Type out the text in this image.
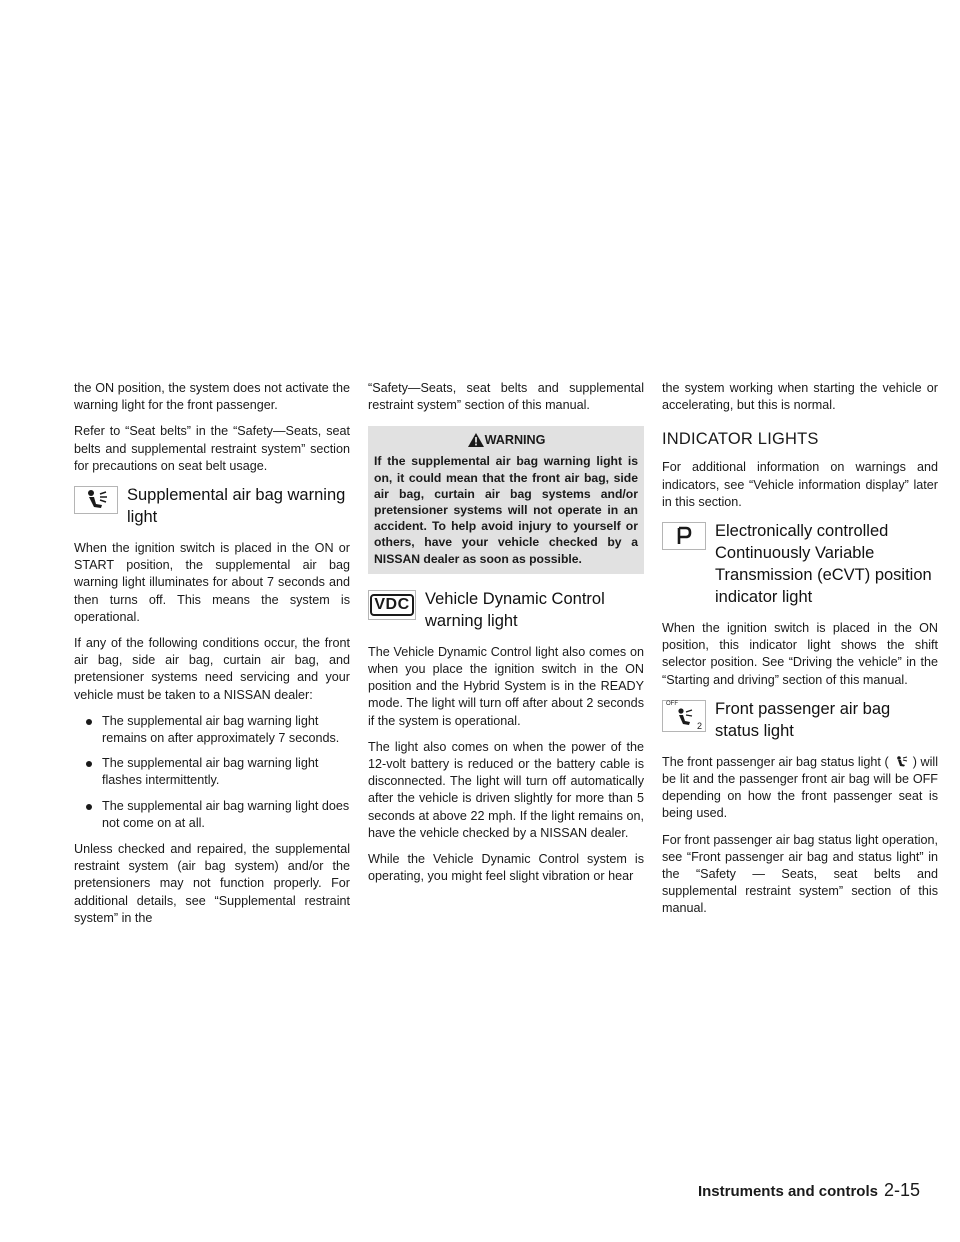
the ON position, the system does not activate the warning light for the front passenger.

Refer to “Seat belts” in the “Safety—Seats, seat belts and supplemental restraint system” section for precautions on seat belt usage.

Supplemental air bag warning light

When the ignition switch is placed in the ON or START position, the supplemental air bag warning light illuminates for about 7 seconds and then turns off. This means the system is operational.

If any of the following conditions occur, the front air bag, side air bag, curtain air bag, and pretensioner systems need servicing and your vehicle must be taken to a NISSAN dealer:

The supplemental air bag warning light remains on after approximately 7 seconds.
The supplemental air bag warning light flashes intermittently.
The supplemental air bag warning light does not come on at all.

Unless checked and repaired, the supplemental restraint system (air bag system) and/or the pretensioners may not function properly. For additional details, see “Supplemental restraint system” in the

“Safety—Seats, seat belts and supplemental restraint system” section of this manual.

WARNING
If the supplemental air bag warning light is on, it could mean that the front air bag, side air bag, curtain air bag systems and/or pretensioner systems will not operate in an accident. To help avoid injury to yourself or others, have your vehicle checked by a NISSAN dealer as soon as possible.
VDC Vehicle Dynamic Control warning light

The Vehicle Dynamic Control light also comes on when you place the ignition switch in the ON position and the Hybrid System is in the READY mode. The light will turn off after about 2 seconds if the system is operational.

The light also comes on when the power of the 12-volt battery is reduced or the battery cable is disconnected. The light will turn off automatically after the vehicle is driven slightly for more than 5 seconds at above 22 mph. If the light remains on, have the vehicle checked by a NISSAN dealer.

While the Vehicle Dynamic Control system is operating, you might feel slight vibration or hear

the system working when starting the vehicle or accelerating, but this is normal.

INDICATOR LIGHTS

For additional information on warnings and indicators, see “Vehicle information display” later in this section.

Electronically controlled Continuously Variable Transmission (eCVT) position indicator light

When the ignition switch is placed in the ON position, this indicator light shows the shift selector position. See “Driving the vehicle” in the “Starting and driving” section of this manual.

OFF
2
Front passenger air bag status light

The front passenger air bag status light ( ) will be lit and the passenger front air bag will be OFF depending on how the front passenger seat is being used.

For front passenger air bag status light operation, see “Front passenger air bag and status light” in the “Safety — Seats, seat belts and supplemental restraint system” section of this manual.

Instruments and controls 2-15
